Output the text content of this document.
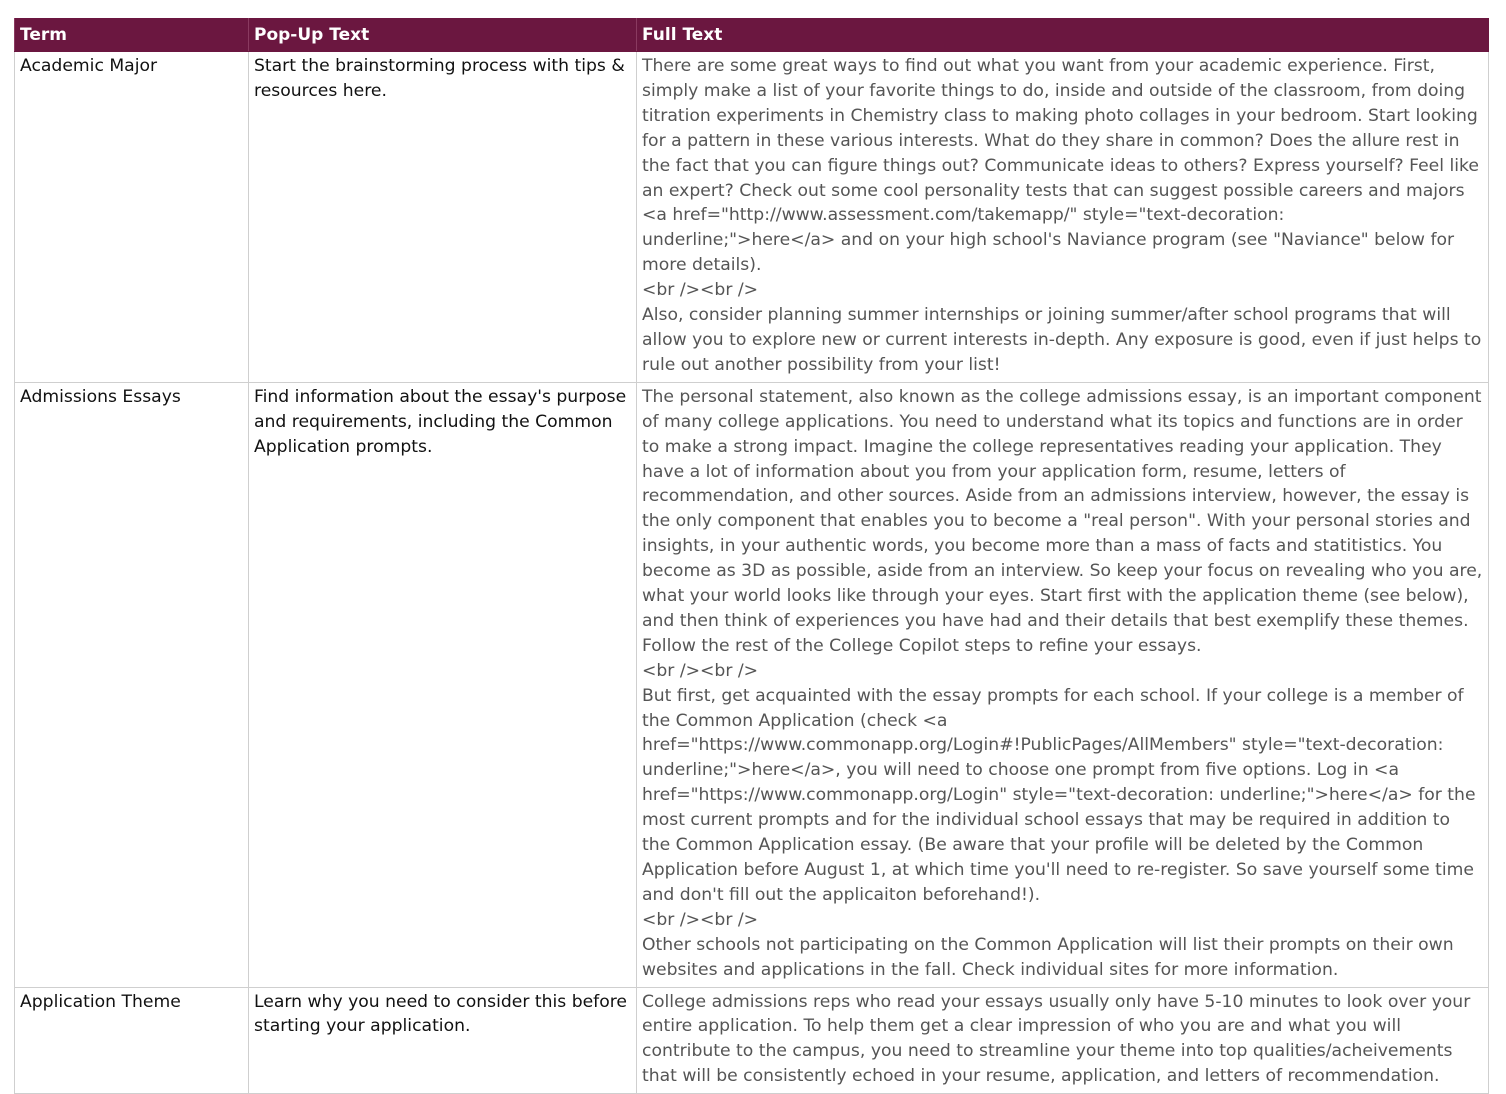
Term	Pop-Up Text	Full Text
Academic Major	Start the brainstorming process with tips & resources here.	There are some great ways to find out what you want from your academic experience. First, simply make a list of your favorite things to do, inside and outside of the classroom, from doing titration experiments in Chemistry class to making photo collages in your bedroom. Start looking for a pattern in these various interests. What do they share in common? Does the allure rest in the fact that you can figure things out? Communicate ideas to others? Express yourself? Feel like an expert? Check out some cool personality tests that can suggest possible careers and majors <a href="http://www.assessment.com/takemapp/" style="text-decoration: underline;">here</a> and on your high school's Naviance program (see "Naviance" below for more details).
<br /><br />
Also, consider planning summer internships or joining summer/after school programs that will allow you to explore new or current interests in-depth. Any exposure is good, even if just helps to rule out another possibility from your list!
Admissions Essays	Find information about the essay's purpose and requirements, including the Common Application prompts.	The personal statement, also known as the college admissions essay, is an important component of many college applications. You need to understand what its topics and functions are in order to make a strong impact. Imagine the college representatives reading your application. They have a lot of information about you from your application form, resume, letters of recommendation, and other sources. Aside from an admissions interview, however, the essay is the only component that enables you to become a "real person". With your personal stories and insights, in your authentic words, you become more than a mass of facts and statitistics. You become as 3D as possible, aside from an interview. So keep your focus on revealing who you are, what your world looks like through your eyes. Start first with the application theme (see below), and then think of experiences you have had and their details that best exemplify these themes. Follow the rest of the College Copilot steps to refine your essays.
<br /><br />
But first, get acquainted with the essay prompts for each school. If your college is a member of the Common Application (check <a href="https://www.commonapp.org/Login#!PublicPages/AllMembers" style="text-decoration: underline;">here</a>, you will need to choose one prompt from five options. Log in <a href="https://www.commonapp.org/Login" style="text-decoration: underline;">here</a> for the most current prompts and for the individual school essays that may be required in addition to the Common Application essay. (Be aware that your profile will be deleted by the Common Application before August 1, at which time you'll need to re-register. So save yourself some time and don't fill out the applicaiton beforehand!).
<br /><br />
Other schools not participating on the Common Application will list their prompts on their own websites and applications in the fall. Check individual sites for more information.
Application Theme	Learn why you need to consider this before starting your application.	College admissions reps who read your essays usually only have 5-10 minutes to look over your entire application. To help them get a clear impression of who you are and what you will contribute to the campus, you need to streamline your theme into top qualities/acheivements that will be consistently echoed in your resume, application, and letters of recommendation.
